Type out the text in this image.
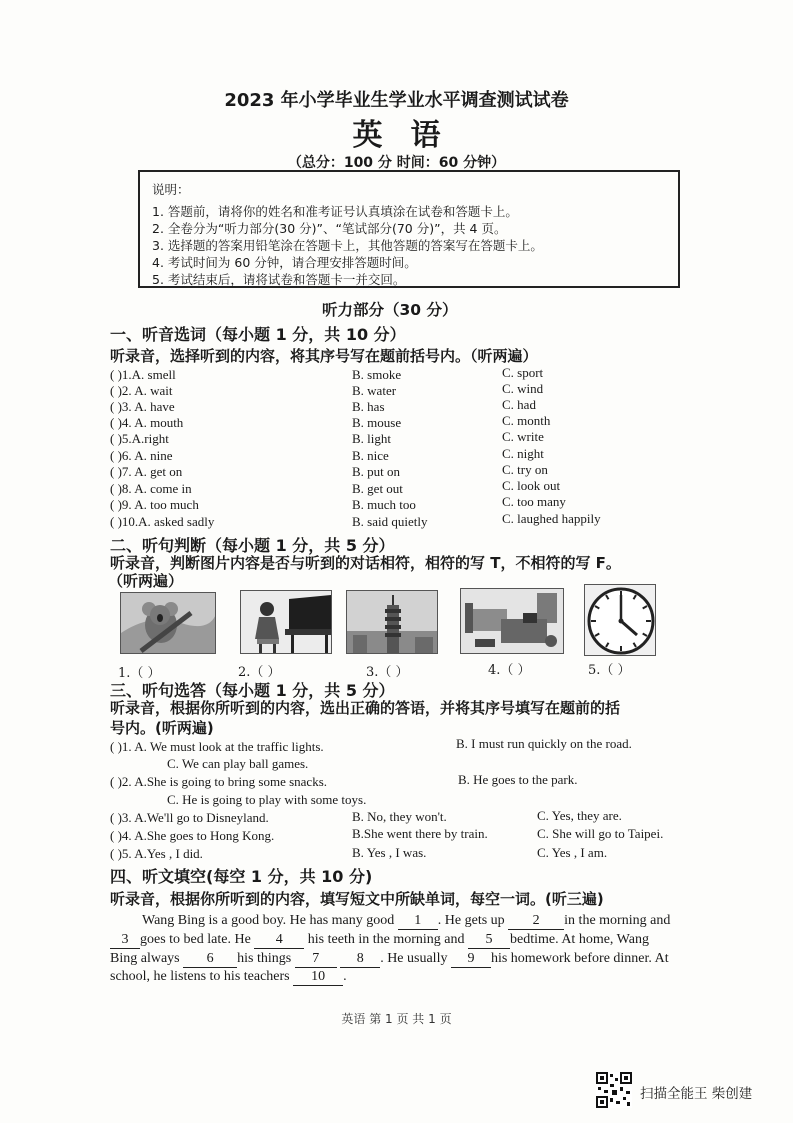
2023 年小学毕业生学业水平调查测试试卷
英语
（总分：100 分 时间：60 分钟）
说明：
1. 答题前，请将你的姓名和准考证号认真填涂在试卷和答题卡上。
2. 全卷分为“听力部分(30 分)”、“笔试部分(70 分)”，共 4 页。
3. 选择题的答案用铅笔涂在答题卡上，其他答题的答案写在答题卡上。
4. 考试时间为 60 分钟，请合理安排答题时间。
5. 考试结束后，请将试卷和答题卡一并交回。
听力部分（30 分）
一、听音选词（每小题 1 分，共 10 分）
听录音，选择听到的内容，将其序号写在题前括号内。（听两遍）
( )1.A. smell	B. smoke	C. sport
( )2. A. wait	B. water	C. wind
( )3. A. have	B. has	C. had
( )4. A. mouth	B. mouse	C. month
( )5.A.right	B. light	C. write
( )6. A. nine	B. nice	C. night
( )7. A. get on	B. put on	C. try on
( )8. A. come in	B. get out	C. look out
( )9. A. too much	B. much too	C. too many
( )10.A. asked sadly	B. said quietly	C. laughed happily
二、听句判断（每小题 1 分，共 5 分）
听录音，判断图片内容是否与听到的对话相符，相符的写 T，不相符的写 F。
（听两遍）
1.（ ）	2.（ ）	3.（ ）	4.（ ）	5.（ ）
三、听句选答（每小题 1 分，共 5 分）
听录音，根据你所听到的内容，选出正确的答语，并将其序号填写在题前的括
号内。(听两遍)
( )1. A. We must look at the traffic lights.	B. I must run quickly on the road.
C. We can play ball games.
( )2. A.She is going to bring some snacks.	B. He goes to the park.
C. He is going to play with some toys.
( )3. A.We'll go to Disneyland.	B. No, they won't.	C. Yes, they are.
( )4. A.She goes to Hong Kong.	B.She went there by train.	C. She will go to Taipei.
( )5. A.Yes , I did.	B. Yes , I was.	C. Yes , I am.
四、听文填空(每空 1 分，共 10 分)
听录音，根据你所听到的内容，填写短文中所缺单词，每空一词。(听三遍)
Wang Bing is a good boy. He has many good 1 . He gets up 2 in the morning and
3 goes to bed late. He 4 his teeth in the morning and 5 bedtime. At home, Wang
Bing always 6 his things 7	8 . He usually 9 his homework before dinner. At
school, he listens to his teachers 10 .
英语 第 1 页 共 1 页
扫描全能王 柴创建
